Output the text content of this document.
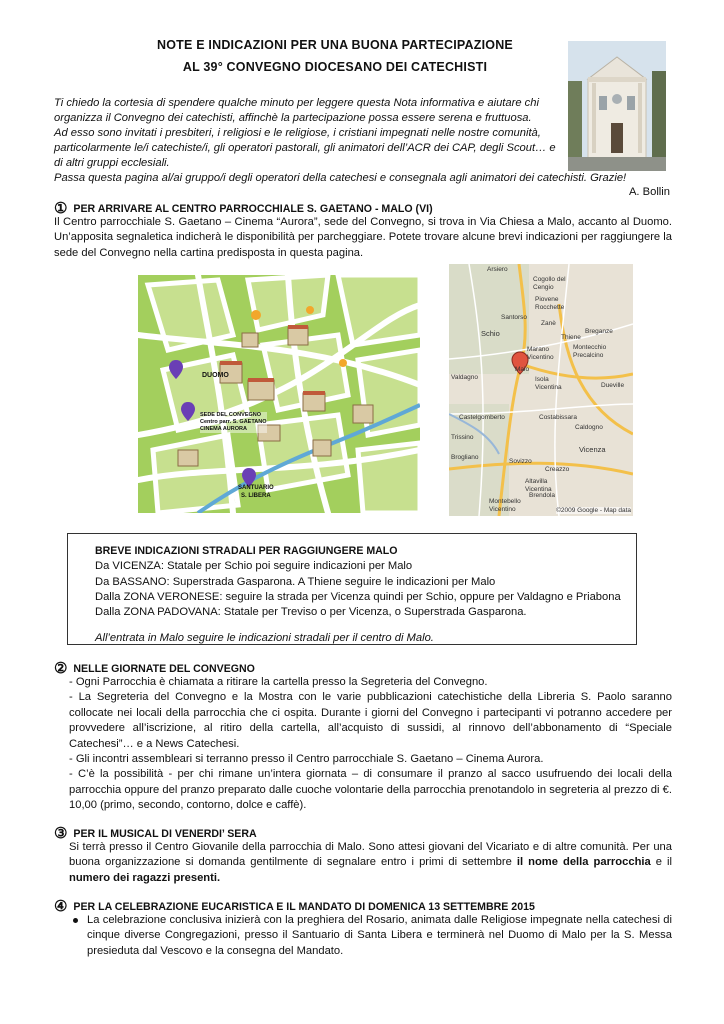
NOTE E INDICAZIONI PER UNA BUONA PARTECIPAZIONE
AL 39° CONVEGNO DIOCESANO DEI CATECHISTI

Ti chiedo la cortesia di spendere qualche minuto per leggere questa Nota informativa e aiutare chi

organizza il Convegno dei catechisti, affinchè la partecipazione possa essere serena e fruttuosa.

Ad esso sono invitati i presbiteri, i religiosi e le religiose, i cristiani impegnati nelle nostre comunità,

particolarmente le/i catechiste/i, gli operatori pastorali, gli animatori dell’ACR dei CAP, degli Scout… e

di altri gruppi ecclesiali.

Passa questa pagina al/ai gruppo/i degli operatori della catechesi e consegnala agli animatori dei catechisti. Grazie!

A. Bollin
① PER ARRIVARE AL CENTRO PARROCCHIALE S. GAETANO - MALO (VI)
Il Centro parrocchiale S. Gaetano – Cinema “Aurora”, sede del Convegno, si trova in Via Chiesa a Malo, accanto al Duomo. Un’apposita segnaletica indicherà le disponibilità per parcheggiare. Potete trovare alcune brevi indicazioni per raggiungere la sede del Convegno nella cartina predisposta in questa pagina.
DUOMO
SEDE DEL CONVEGNO
Centro parr. S. GAETANO
CINEMA AURORA
SANTUARIO
S. LIBERA
Arsiero
Cogollo del Cengio
Piovene Rocchette
Santorso
Zanè
Breganze
Schio	Thiene
Marano Vicentino
Montecchio Precalcino
Valdagno
Malo
Isola Vicentina	Dueville
Castelgomberto	Costabissara
Trissino
Caldogno
Vicenza
Brogliano
Sovizzo
Creazzo
Altavilla Vicentina
Brendola
Montebello Vicentino	©2009 Google - Map data

BREVE INDICAZIONI STRADALI PER RAGGIUNGERE MALO

Da VICENZA: Statale per Schio poi seguire indicazioni per Malo

Da BASSANO: Superstrada Gasparona. A Thiene seguire le indicazioni per Malo

Dalla ZONA VERONESE: seguire la strada per Vicenza quindi per Schio, oppure per Valdagno e Priabona

Dalla ZONA PADOVANA: Statale per Treviso o per Vicenza, o Superstrada Gasparona.

All’entrata in Malo seguire le indicazioni stradali per il centro di Malo.

② NELLE GIORNATE DEL CONVEGNO

- Ogni Parrocchia è chiamata a ritirare la cartella presso la Segreteria del Convegno.

- La Segreteria del Convegno e la Mostra con le varie pubblicazioni catechistiche della Libreria S. Paolo saranno collocate nei locali della parrocchia che ci ospita. Durante i giorni del Convegno i partecipanti vi potranno accedere per provvedere all’iscrizione, al ritiro della cartella, all’acquisto di sussidi, al rinnovo dell’abbonamento di “Speciale Catechesi”… e a News Catechesi.

- Gli incontri assembleari si terranno presso il Centro parrocchiale S. Gaetano – Cinema Aurora.

- C’è la possibilità - per chi rimane un’intera giornata – di consumare il pranzo al sacco usufruendo dei locali della parrocchia oppure del pranzo preparato dalle cuoche volontarie della parrocchia prenotandolo in segreteria al prezzo di €. 10,00 (primo, secondo, contorno, dolce e caffè).

③ PER IL MUSICAL DI VENERDI’ SERA
Si terrà presso il Centro Giovanile della parrocchia di Malo. Sono attesi giovani del Vicariato e di altre comunità. Per una buona organizzazione si domanda gentilmente di segnalare entro i primi di settembre il nome della parrocchia e il numero dei ragazzi presenti.
④ PER LA CELEBRAZIONE EUCARISTICA E IL MANDATO DI DOMENICA 13 SETTEMBRE 2015
La celebrazione conclusiva inizierà con la preghiera del Rosario, animata dalle Religiose impegnate nella catechesi di cinque diverse Congregazioni, presso il Santuario di Santa Libera e terminerà nel Duomo di Malo per la S. Messa presieduta dal Vescovo e la consegna del Mandato.
